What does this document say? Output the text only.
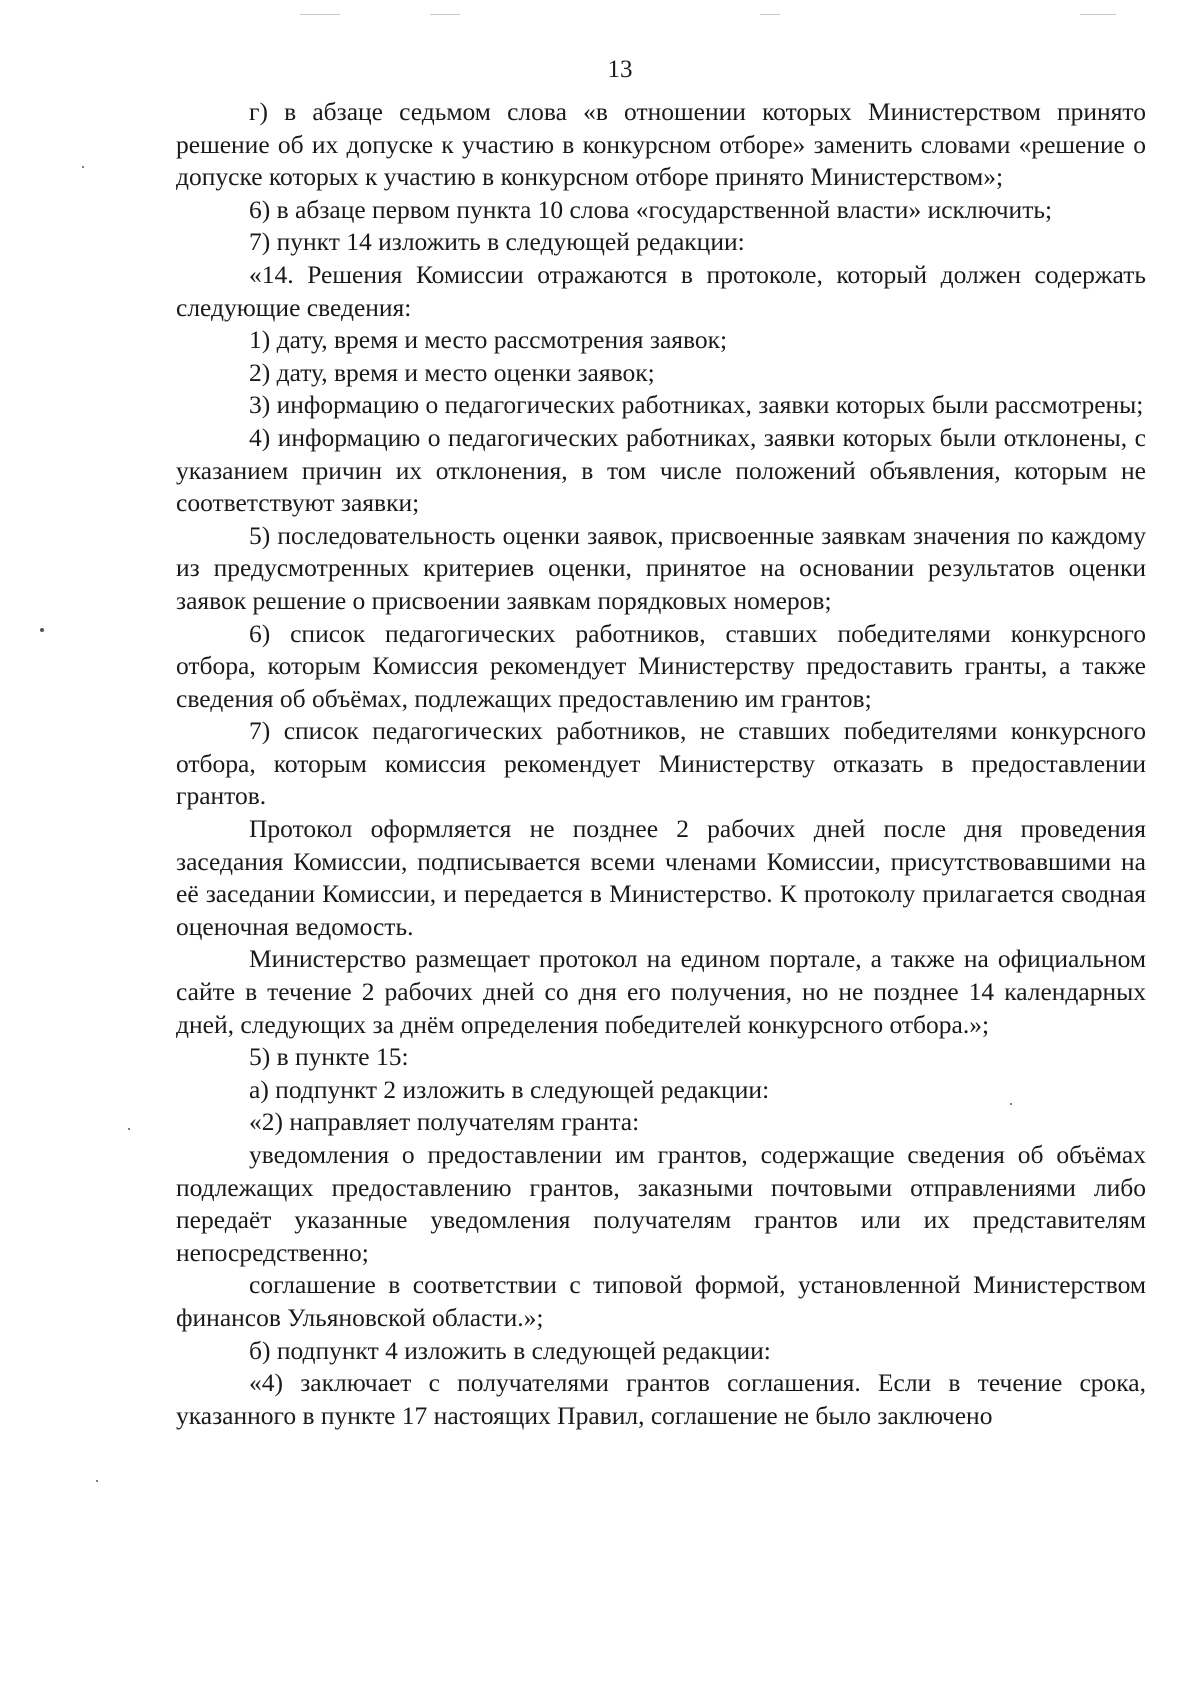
13

г) в абзаце седьмом слова «в отношении которых Министерством принято решение об их допуске к участию в конкурсном отборе» заменить словами «решение о допуске которых к участию в конкурсном отборе принято Министерством»;

6) в абзаце первом пункта 10 слова «государственной власти» исключить;

7) пункт 14 изложить в следующей редакции:

«14. Решения Комиссии отражаются в протоколе, который должен содержать следующие сведения:

1) дату, время и место рассмотрения заявок;

2) дату, время и место оценки заявок;

3) информацию о педагогических работниках, заявки которых были рассмотрены;

4) информацию о педагогических работниках, заявки которых были отклонены, с указанием причин их отклонения, в том числе положений объявления, которым не соответствуют заявки;

5) последовательность оценки заявок, присвоенные заявкам значения по каждому из предусмотренных критериев оценки, принятое на основании результатов оценки заявок решение о присвоении заявкам порядковых номеров;

6) список педагогических работников, ставших победителями конкурсного отбора, которым Комиссия рекомендует Министерству предоставить гранты, а также сведения об объёмах, подлежащих предоставлению им грантов;

7) список педагогических работников, не ставших победителями конкурсного отбора, которым комиссия рекомендует Министерству отказать в предоставлении грантов.

Протокол оформляется не позднее 2 рабочих дней после дня проведения заседания Комиссии, подписывается всеми членами Комиссии, присутствовавшими на её заседании Комиссии, и передается в Министерство. К протоколу прилагается сводная оценочная ведомость.

Министерство размещает протокол на едином портале, а также на официальном сайте в течение 2 рабочих дней со дня его получения, но не позднее 14 календарных дней, следующих за днём определения победителей конкурсного отбора.»;

5) в пункте 15:

а) подпункт 2 изложить в следующей редакции:

«2) направляет получателям гранта:

уведомления о предоставлении им грантов, содержащие сведения об объёмах подлежащих предоставлению грантов, заказными почтовыми отправлениями либо передаёт указанные уведомления получателям грантов или их представителям непосредственно;

соглашение в соответствии с типовой формой, установленной Министерством финансов Ульяновской области.»;

б) подпункт 4 изложить в следующей редакции:

«4) заключает с получателями грантов соглашения. Если в течение срока, указанного в пункте 17 настоящих Правил, соглашение не было заключено
